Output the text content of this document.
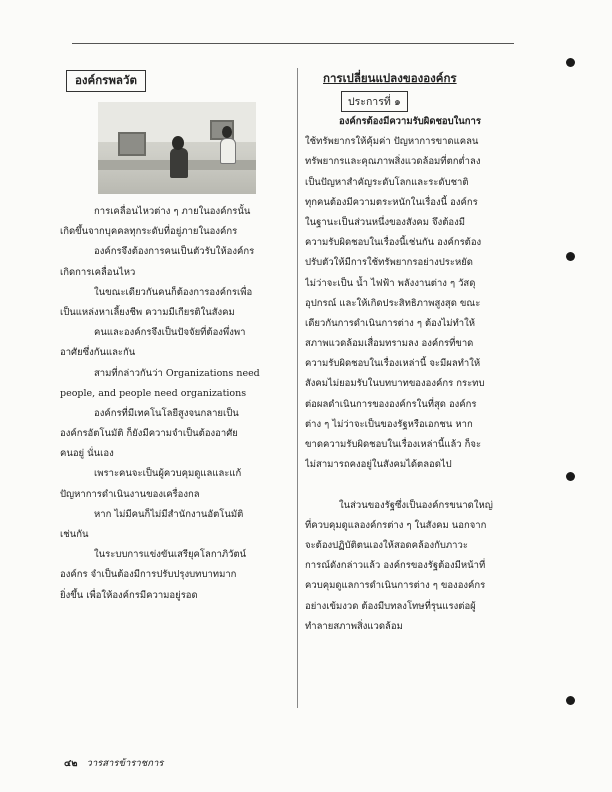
องค์กรพลวัต
การเคลื่อนไหวต่าง ๆ ภายในองค์กรนั้น
เกิดขึ้นจากบุคคลทุกระดับที่อยู่ภายในองค์กร
องค์กรจึงต้องการคนเป็นตัวรับให้องค์กร
เกิดการเคลื่อนไหว
ในขณะเดียวกันคนก็ต้องการองค์กรเพื่อ
เป็นแหล่งหาเลี้ยงชีพ ความมีเกียรติในสังคม
คนและองค์กรจึงเป็นปัจจัยที่ต้องพึ่งพา
อาศัยซึ่งกันและกัน
สามที่กล่าวกันว่า Organizations need
people, and people need organizations
องค์กรที่มีเทคโนโลยีสูงจนกลายเป็น
องค์กรอัตโนมัติ ก็ยังมีความจำเป็นต้องอาศัย
คนอยู่ นั่นเอง
เพราะคนจะเป็นผู้ควบคุมดูแลและแก้
ปัญหาการดำเนินงานของเครื่องกล
หาก ไม่มีคนก็ไม่มีสำนักงานอัตโนมัติ
เช่นกัน
ในระบบการแข่งขันเสรียุคโลกาภิวัตน์
องค์กร จำเป็นต้องมีการปรับปรุงบทบาทมาก
ยิ่งขึ้น เพื่อให้องค์กรมีความอยู่รอด
การเปลี่ยนแปลงขององค์กร
ประการที่ ๑
องค์กรต้องมีความรับผิดชอบในการ
ใช้ทรัพยากรให้คุ้มค่า ปัญหาการขาดแคลน
ทรัพยากรและคุณภาพสิ่งแวดล้อมที่ตกต่ำลง
เป็นปัญหาสำคัญระดับโลกและระดับชาติ
ทุกคนต้องมีความตระหนักในเรื่องนี้ องค์กร
ในฐานะเป็นส่วนหนึ่งของสังคม จึงต้องมี
ความรับผิดชอบในเรื่องนี้เช่นกัน องค์กรต้อง
ปรับตัวให้มีการใช้ทรัพยากรอย่างประหยัด
ไม่ว่าจะเป็น น้ำ ไฟฟ้า พลังงานต่าง ๆ วัสดุ
อุปกรณ์ และให้เกิดประสิทธิภาพสูงสุด ขณะ
เดียวกันการดำเนินการต่าง ๆ ต้องไม่ทำให้
สภาพแวดล้อมเสื่อมทรามลง องค์กรที่ขาด
ความรับผิดชอบในเรื่องเหล่านี้ จะมีผลทำให้
สังคมไม่ยอมรับในบทบาทขององค์กร กระทบ
ต่อผลดำเนินการขององค์กรในที่สุด องค์กร
ต่าง ๆ ไม่ว่าจะเป็นของรัฐหรือเอกชน หาก
ขาดความรับผิดชอบในเรื่องเหล่านี้แล้ว ก็จะ
ไม่สามารถคงอยู่ในสังคมได้ตลอดไป
ในส่วนของรัฐซึ่งเป็นองค์กรขนาดใหญ่
ที่ควบคุมดูแลองค์กรต่าง ๆ ในสังคม นอกจาก
จะต้องปฏิบัติตนเองให้สอดคล้องกับภาวะ
การณ์ดังกล่าวแล้ว องค์กรของรัฐต้องมีหน้าที่
ควบคุมดูแลการดำเนินการต่าง ๆ ขององค์กร
อย่างเข้มงวด ต้องมีบทลงโทษที่รุนแรงต่อผู้
ทำลายสภาพสิ่งแวดล้อม
๔๒ วารสารข้าราชการ
